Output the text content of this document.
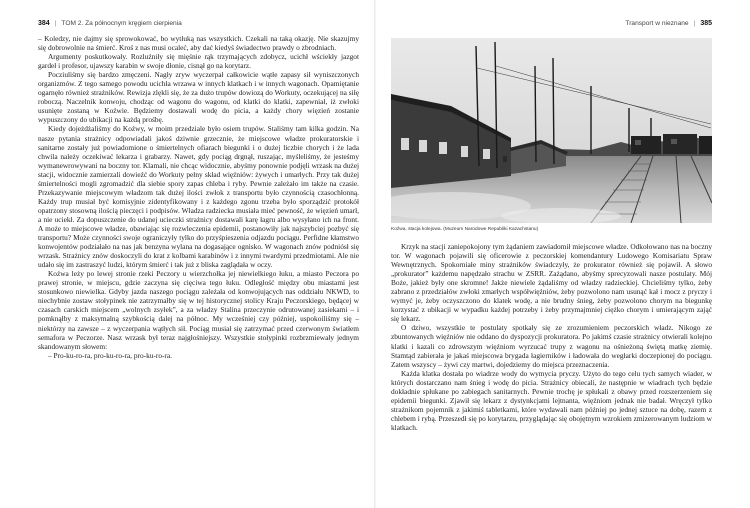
384 | TOM 2. Za północnym kręgiem cierpienia

– Koledzy, nie dajmy się sprowokować, bo wytłuką nas wszystkich. Czekali na taką okazję. Nie skazujmy się dobrowolnie na śmierć. Kroś z nas musi ocaleć, aby dać kiedyś świadectwo prawdy o zbrodniach.

Argumenty poskutkowały. Rozluźniły się mięśnie rąk trzymających zdobycz, ucichł wściekły jazgot gardeł i profesor, ujawszy karabin w swoje dłonie, cisnął go na korytarz.

Pocziuliśmy się bardzo zmęczeni. Nagły zryw wyczerpał całkowicie wątłe zapasy sił wyniszczonych organizmów. Z tego samego powodu ucichła wrzawa w innych klatkach i w innych wagonach. Opamiętanie ogarnęło również strażników. Rewizja zlękli się, że za dużo trupów dowiozą do Workuty, oczekującej na siłę roboczą. Naczelnik konwoju, chodząc od wagonu do wagonu, od klatki do klatki, zapewniał, iż zwłoki usunięte zostaną w Koźwie. Będziemy dostawali wodę do picia, a każdy chory więzień zostanie wypuszczony do ubikacji na każdą prośbę.

Kiedy dojeżdżaliśmy do Koźwy, w moim przedziale było osiem trupów. Staliśmy tam kilka godzin. Na nasze pytania strażnicy odpowiadali jakoś dziwnie grzecznie, że miejscowe władze prokuratorskie i sanitarne zostały już powiadomione o śmiertelnych ofiarach biegunki i o dużej liczbie chorych i że lada chwila należy oczekiwać lekarza i grabarzy. Nawet, gdy pociąg drgnął, ruszając, myśleliśmy, że jesteśmy wymanewrowywani na boczny tor. Klamali, nie chcąc widocznie, abyśmy ponownie podjęli wrzask na dużej stacji, widocznie zamierzali dowieźć do Workuty pełny skład więźniów: żywych i umarłych. Przy tak dużej śmiertelności mogli zgromadzić dla siebie spory zapas chleba i ryby. Pewnie zależało im także na czasie. Przekazywanie miejscowym władzom tak dużej ilości zwłok z transportu było czynnością czasochłonną. Każdy trup musiał być komisyjnie zidentyfikowany i z każdego zgonu trzeba było sporządzić protokół opatrzony stosowną ilością pieczęci i podpisów. Władza radziecka musiała mieć pewność, że więzień umarł, a nie uciekł. Za dopuszczenie do udanej ucieczki strażnicy dostawali karę łagru albo wysyłano ich na front. A może to miejscowe władze, obawiając się rozwleczenia epidemii, postanowiły jak najszybciej pozbyć się transportu? Może czynności swoje ograniczyły tylko do przyśpieszenia odjazdu pociągu. Perfidne kłamstwo konwojentów podziałało na nas jak benzyna wylana na dogasające ognisko. W wagonach znów podniósł się wrzask. Strażnicy znów doskoczyli do krat z kolbami karabinów i z innymi twardymi przedmiotami. Ale nie udało się im zastraszyć ludzi, którym śmierć i tak już z bliska zaglądała w oczy.

Koźwa leży po lewej stronie rzeki Peczory u wierzchołka jej niewielkiego łuku, a miasto Peczora po prawej stronie, w miejscu, gdzie zaczyna się cięciwa tego łuku. Odległość między obu miastami jest stosunkowo niewielka. Gdyby jazda naszego pociągu zależała od konwojujących nas oddziału NKWD, to niechybnie zostaw stołypinek nie zatrzymałby się w tej historycznej stolicy Kraju Peczorskiego, będącej w czasach carskich miejscem „wolnych zsyłek”, a za władzy Stalina przeczynie odrutowanej zasiekami – i pomknąłby z maksymalną szybkością dalej na północ. My wcześniej czy później, uspokoiliśmy się – niektórzy na zawsze – z wyczerpania wątłych sił. Pociąg musiał się zatrzymać przed czerwonym światłem semafora w Peczorze. Nasz wrzask był teraz najgłośniejszy. Wszystkie stołypinki rozbrzmiewały jednym skandowanym słowem:

– Pro-ku-ro-ra, pro-ku-ro-ra, pro-ku-ro-ra.

Transport w nieznane | 385
Koźwa, stacja kolejowa. (Muzeum Narodowe Republiki Kazachstanu)

Krzyk na stacji zaniepokojony tym żądaniem zawiadomił miejscowe władze. Odkołowano nas na boczny tor. W wagonach pojawili się oficerowie z peczorskiej komendantury Ludowego Komisariatu Spraw Wewnętrznych. Spokorniałe miny strażników świadczyły, że prokurator również się pojawił. A słowo „prokurator” każdemu napędzało strachu w ZSRR. Zażądano, abyśmy sprecyzowali nasze postulaty. Mój Boże, jakież były one skromne! Jakże niewiele żądaliśmy od władzy radzieckiej. Chcieliśmy tylko, żeby zabrano z przedziałów zwłoki zmarłych współwięźniów, żeby pozwolono nam usunąć kał i mocz z pryczy i wymyć je, żeby oczyszczono do klatek wodę, a nie brudny śnieg, żeby pozwolono chorym na biegunkę korzystać z ubikacji w wypadku każdej potrzeby i żeby przymajmniej ciężko chorym i umierającym zająć się lekarz.

O dziwo, wszystkie te postulaty spotkały się ze zrozumieniem peczorskich władz. Nikogo ze zbuntowanych więźniów nie oddano do dyspozycji prokuratora. Po jakimś czasie strażnicy otwierali kolejno klatki i kazali co zdrowszym więźniom wyrzucać trupy z wagonu na ośnieżoną świętą matkę ziemię. Stamtąd zabierała je jakaś miejscowa brygada łagierników i ładowała do wegłarki doczepionej do pociągu. Zatem wszyscy – żywi czy martwi, dojedziemy do miejsca przeznaczenia.

Każda klatka dostała po wiadrze wody do wymycia pryczy. Użyto do tego celu tych samych wiader, w których dostarczano nam śnieg i wodę do picia. Strażnicy obiecali, że następnie w wiadrach tych będzie dokładnie spłukane po zabiegach sanitarnych. Pewnie trochę je spłukali z obawy przed rozszerzeniem się epidemii biegunki. Zjawił się lekarz z dystynkcjami lejtnanta, więźniom jednak nie badał. Wręczył tylko strażnikom pojemnik z jakimiś tabletkami, które wydawali nam później po jednej sztuce na dobę, razem z chlebem i rybą. Przeszedł się po korytarzu, przyglądając się obojętnym wzrokiem zmizerowanym ludziom w klatkach.
